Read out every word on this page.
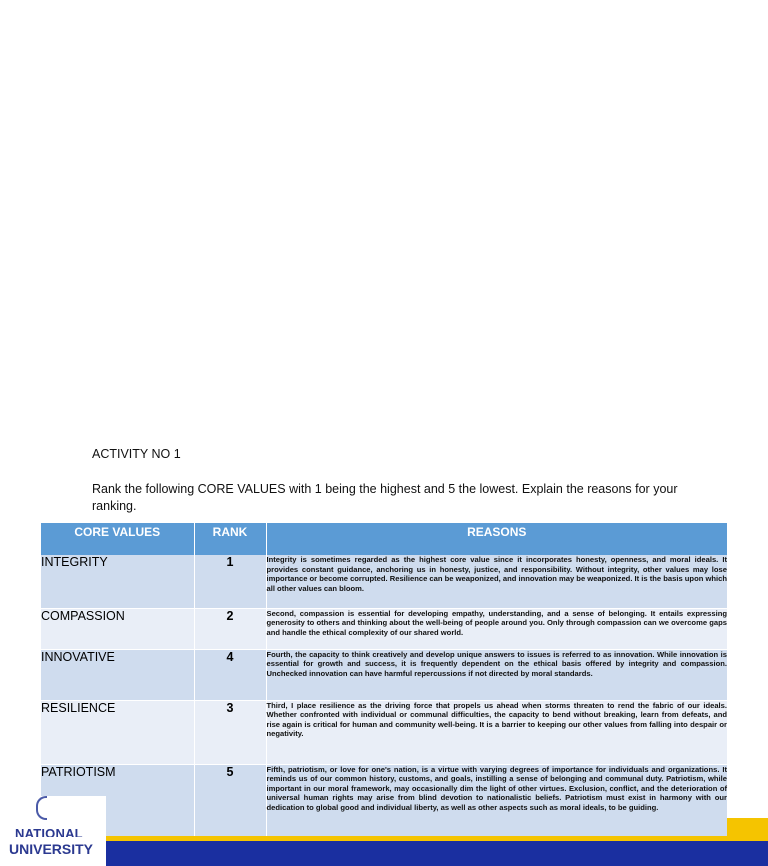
ACTIVITY NO 1
Rank the following CORE VALUES with 1 being the highest and 5 the lowest. Explain the reasons for your ranking.
CORE VALUES	RANK	REASONS
INTEGRITY	1	Integrity is sometimes regarded as the highest core value since it incorporates honesty, openness, and moral ideals. It provides constant guidance, anchoring us in honesty, justice, and responsibility. Without integrity, other values may lose importance or become corrupted. Resilience can be weaponized, and innovation may be weaponized. It is the basis upon which all other values can bloom.
COMPASSION	2	Second, compassion is essential for developing empathy, understanding, and a sense of belonging. It entails expressing generosity to others and thinking about the well-being of people around you. Only through compassion can we overcome gaps and handle the ethical complexity of our shared world.
INNOVATIVE	4	Fourth, the capacity to think creatively and develop unique answers to issues is referred to as innovation. While innovation is essential for growth and success, it is frequently dependent on the ethical basis offered by integrity and compassion. Unchecked innovation can have harmful repercussions if not directed by moral standards.
RESILIENCE	3	Third, I place resilience as the driving force that propels us ahead when storms threaten to rend the fabric of our ideals. Whether confronted with individual or communal difficulties, the capacity to bend without breaking, learn from defeats, and rise again is critical for human and community well-being. It is a barrier to keeping our other values from falling into despair or negativity.
PATRIOTISM	5	Fifth, patriotism, or love for one's nation, is a virtue with varying degrees of importance for individuals and organizations. It reminds us of our common history, customs, and goals, instilling a sense of belonging and communal duty. Patriotism, while important in our moral framework, may occasionally dim the light of other virtues. Exclusion, conflict, and the deterioration of universal human rights may arise from blind devotion to nationalistic beliefs. Patriotism must exist in harmony with our dedication to global good and individual liberty, as well as other aspects such as moral ideals, to be guiding.
NATIONAL
UNIVERSITY
